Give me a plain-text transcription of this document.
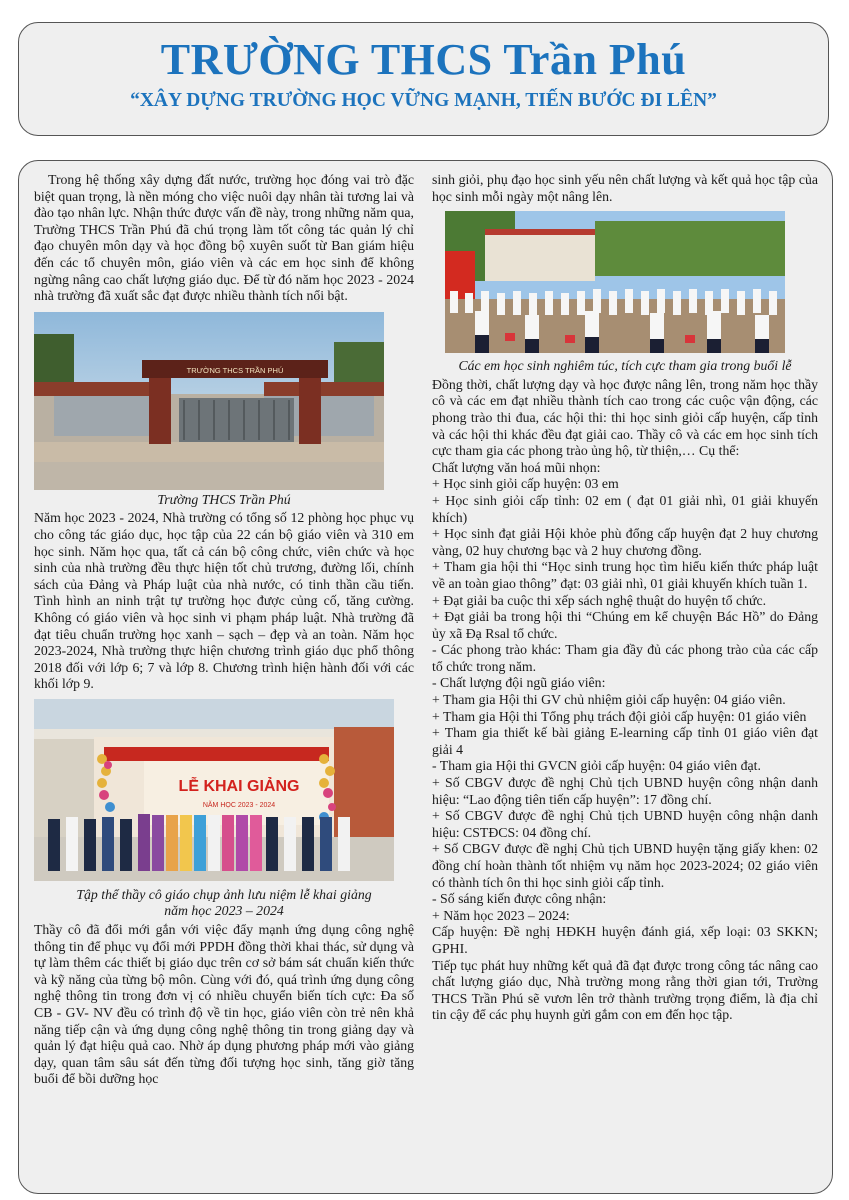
TRƯỜNG THCS Trần Phú
“XÂY DỰNG TRƯỜNG HỌC VỮNG MẠNH, TIẾN BƯỚC ĐI LÊN”

Trong hệ thống xây dựng đất nước, trường học đóng vai trò đặc biệt quan trọng, là nền móng cho việc nuôi dạy nhân tài tương lai và đào tạo nhân lực. Nhận thức được vấn đề này, trong những năm qua, Trường THCS Trần Phú đã chú trọng làm tốt công tác quản lý chỉ đạo chuyên môn dạy và học đồng bộ xuyên suốt từ Ban giám hiệu đến các tổ chuyên môn, giáo viên và các em học sinh để không ngừng nâng cao chất lượng giáo dục. Để từ đó năm học 2023 - 2024 nhà trường đã xuất sắc đạt được nhiều thành tích nổi bật.

TRƯỜNG THCS TRẦN PHÚ
Trường THCS Trần Phú

Năm học 2023 - 2024, Nhà trường có tổng số 12 phòng học phục vụ cho công tác giáo dục, học tập của 22 cán bộ giáo viên và 310 em học sinh. Năm học qua, tất cả cán bộ công chức, viên chức và học sinh của nhà trường đều thực hiện tốt chủ trương, đường lối, chính sách của Đảng và Pháp luật của nhà nước, có tinh thần cầu tiến. Tình hình an ninh trật tự trường học được củng cố, tăng cường. Không có giáo viên và học sinh vi phạm pháp luật. Nhà trường đã đạt tiêu chuẩn trường học xanh – sạch – đẹp và an toàn. Năm học 2023-2024, Nhà trường thực hiện chương trình giáo dục phổ thông 2018 đối với lớp 6; 7 và lớp 8. Chương trình hiện hành đối với các khối lớp 9.

LỄ KHAI GIẢNG
NĂM HỌC 2023 - 2024
Tập thể thầy cô giáo chụp ảnh lưu niệm lễ khai giảng
năm học 2023 – 2024

Thầy cô đã đổi mới gắn với việc đẩy mạnh ứng dụng công nghệ thông tin để phục vụ đổi mới PPDH đồng thời khai thác, sử dụng và tự làm thêm các thiết bị giáo dục trên cơ sở bám sát chuẩn kiến thức và kỹ năng của từng bộ môn. Cùng với đó, quá trình ứng dụng công nghệ thông tin trong đơn vị có nhiều chuyển biến tích cực: Đa số CB - GV- NV đều có trình độ về tin học, giáo viên còn trẻ nên khả năng tiếp cận và ứng dụng công nghệ thông tin trong giảng dạy và quản lý đạt hiệu quả cao. Nhờ áp dụng phương pháp mới vào giảng dạy, quan tâm sâu sát đến từng đối tượng học sinh, tăng giờ tăng buổi để bồi dưỡng học

sinh giỏi, phụ đạo học sinh yếu nên chất lượng và kết quả học tập của học sinh mỗi ngày một nâng lên.

Các em học sinh nghiêm túc, tích cực tham gia trong buổi lễ

Đồng thời, chất lượng dạy và học được nâng lên, trong năm học thầy cô và các em đạt nhiều thành tích cao trong các cuộc vận động, các phong trào thi đua, các hội thi: thi học sinh giỏi cấp huyện, cấp tỉnh và các hội thi khác đều đạt giải cao. Thầy cô và các em học sinh tích cực tham gia các phong trào ủng hộ, từ thiện,… Cụ thể:

Chất lượng văn hoá mũi nhọn:

+ Học sinh giỏi cấp huyện: 03 em

+ Học sinh giỏi cấp tỉnh: 02 em ( đạt 01 giải nhì, 01 giải khuyến khích)

+ Học sinh đạt giải Hội khỏe phù đổng cấp huyện đạt 2 huy chương vàng, 02 huy chương bạc và 2 huy chương đồng.

+ Tham gia hội thi “Học sinh trung học tìm hiểu kiến thức pháp luật về an toàn giao thông” đạt: 03 giải nhì, 01 giải khuyến khích tuần 1.

+ Đạt giải ba cuộc thi xếp sách nghệ thuật do huyện tổ chức.

+ Đạt giải ba trong hội thi “Chúng em kể chuyện Bác Hồ” do Đảng ủy xã Đạ Rsal tổ chức.

- Các phong trào khác: Tham gia đầy đủ các phong trào của các cấp tổ chức trong năm.

- Chất lượng đội ngũ giáo viên:

+ Tham gia Hội thi GV chủ nhiệm giỏi cấp huyện: 04 giáo viên.

+ Tham gia Hội thi Tổng phụ trách đội giỏi cấp huyện: 01 giáo viên

+ Tham gia thiết kế bài giảng E-learning cấp tỉnh 01 giáo viên đạt giải 4

- Tham gia Hội thi GVCN giỏi cấp huyện: 04 giáo viên đạt.

+ Số CBGV được đề nghị Chủ tịch UBND huyện công nhận danh hiệu: “Lao động tiên tiến cấp huyện”: 17 đồng chí.

+ Số CBGV được đề nghị Chủ tịch UBND huyện công nhận danh hiệu: CSTĐCS: 04 đồng chí.

+ Số CBGV được đề nghị Chủ tịch UBND huyện tặng giấy khen: 02 đồng chí hoàn thành tốt nhiệm vụ năm học 2023-2024; 02 giáo viên có thành tích ôn thi học sinh giỏi cấp tỉnh.

- Số sáng kiến được công nhận:

+ Năm học 2023 – 2024:

Cấp huyện: Đề nghị HĐKH huyện đánh giá, xếp loại: 03 SKKN; GPHI.

Tiếp tục phát huy những kết quả đã đạt được trong công tác nâng cao chất lượng giáo dục, Nhà trường mong rằng thời gian tới, Trường THCS Trần Phú sẽ vươn lên trở thành trường trọng điểm, là địa chỉ tin cậy để các phụ huynh gửi gắm con em đến học tập.
